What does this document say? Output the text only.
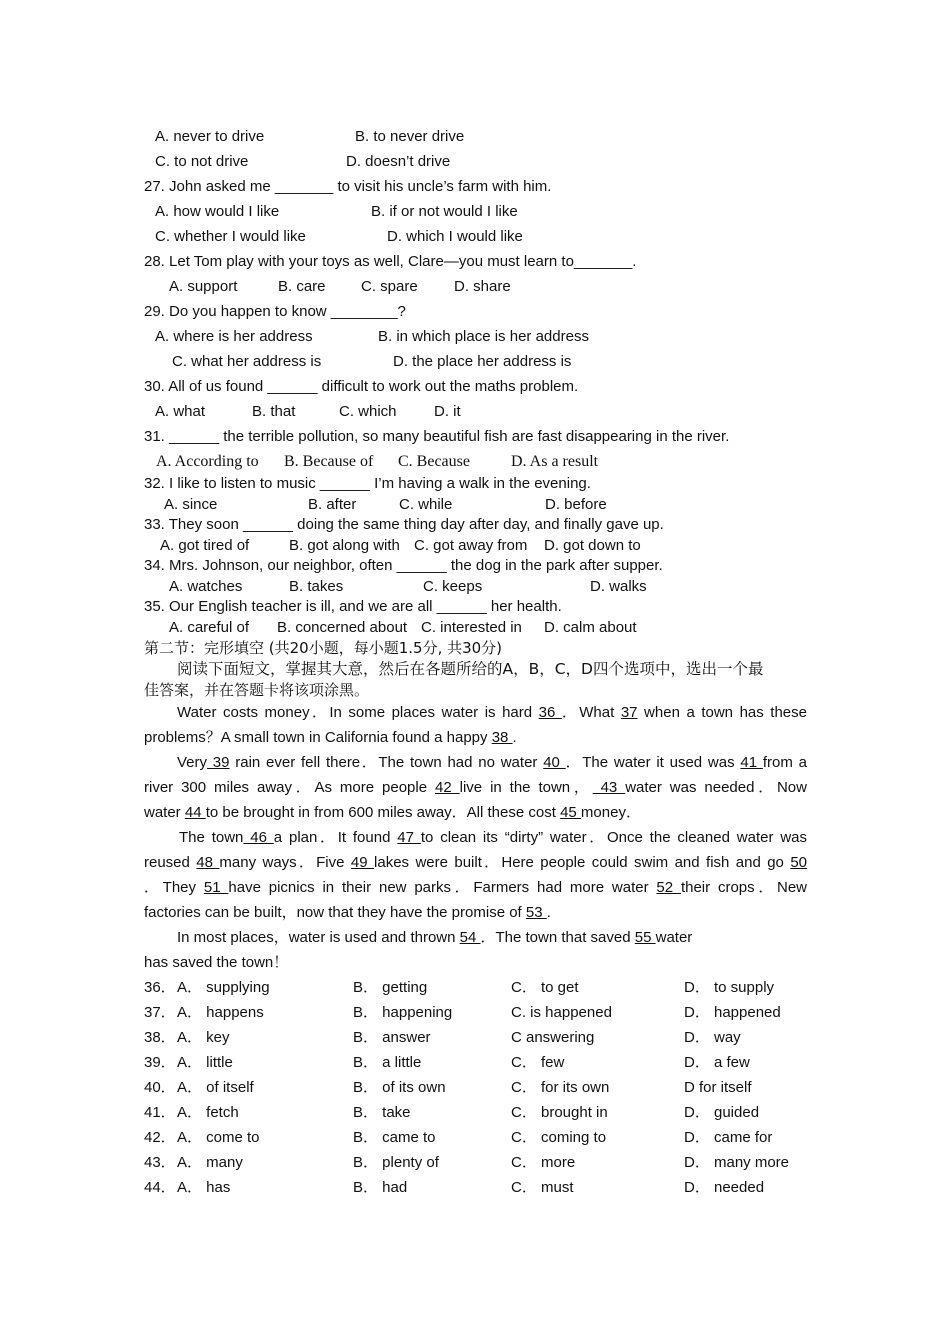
A. never to drive	B. to never drive
C. to not drive	D. doesn’t drive
27. John asked me _______ to visit his uncle’s farm with him.
A. how would I like	B. if or not would I like
C. whether I would like	D. which I would like
28. Let Tom play with your toys as well, Clare—you must learn to_______.
A. support	B. care C. spare D. share
29. Do you happen to know ________?
A. where is her address	B. in which place is her address
C. what her address is	D. the place her address is
30. All of us found ______ difficult to work out the maths problem.
A. what	B. that	C. which D. it
31. ______ the terrible pollution, so many beautiful fish are fast disappearing in the river.
A. According to B. Because of C. Because	D. As a result
32. I like to listen to music ______ I’m having a walk in the evening.
A. since	B. after	C. while	D. before
33. They soon ______ doing the same thing day after day, and finally gave up.
A. got tired of	B. got along with C. got away from D. got down to
34. Mrs. Johnson, our neighbor, often ______ the dog in the park after supper.
A. watches	B. takes	C. keeps	D. walks
35. Our English teacher is ill, and we are all ______ her health.
A. careful of B. concerned about C. interested in D. calm about
第二节：完形填空 (共20小题，每小题1.5分, 共30分)
阅读下面短文，掌握其大意，然后在各题所给的A，B，C，D四个选项中，选出一个最
佳答案，并在答题卡将该项涂黑。
Water costs money．In some places water is hard 36 ．What 37 when a town has these
problems？A small town in California found a happy 38 .
Very 39 rain ever fell there．The town had no water 40 ．The water it used was 41 from a
river 300 miles away．As more people 42 live in the town， 43 water was needed．Now
water 44 to be brought in from 600 miles away．All these cost 45 money．
The town 46 a plan．It found 47 to clean its “dirty” water．Once the cleaned water was
reused 48 many ways．Five 49 lakes were built．Here people could swim and fish and go 50
．They 51 have picnics in their new parks．Farmers had more water 52 their crops．New
factories can be built，now that they have the promise of 53 .
In most places，water is used and thrown 54 ．The town that saved 55 water
has saved the town！
36． A． supplying	B． getting	C． to get	D． to supply
37． A． happens	B． happening	C. is happened	D． happened
38． A． key	B． answer	C answering	D． way
39． A． little	B． a little	C． few	D． a few
40． A． of itself	B． of its own	C． for its own	D for itself
41． A． fetch	B． take	C． brought in	D． guided
42． A． come to	B． came to	C． coming to	D． came for
43． A． many	B． plenty of	C． more	D． many more
44． A． has	B． had	C． must	D． needed
